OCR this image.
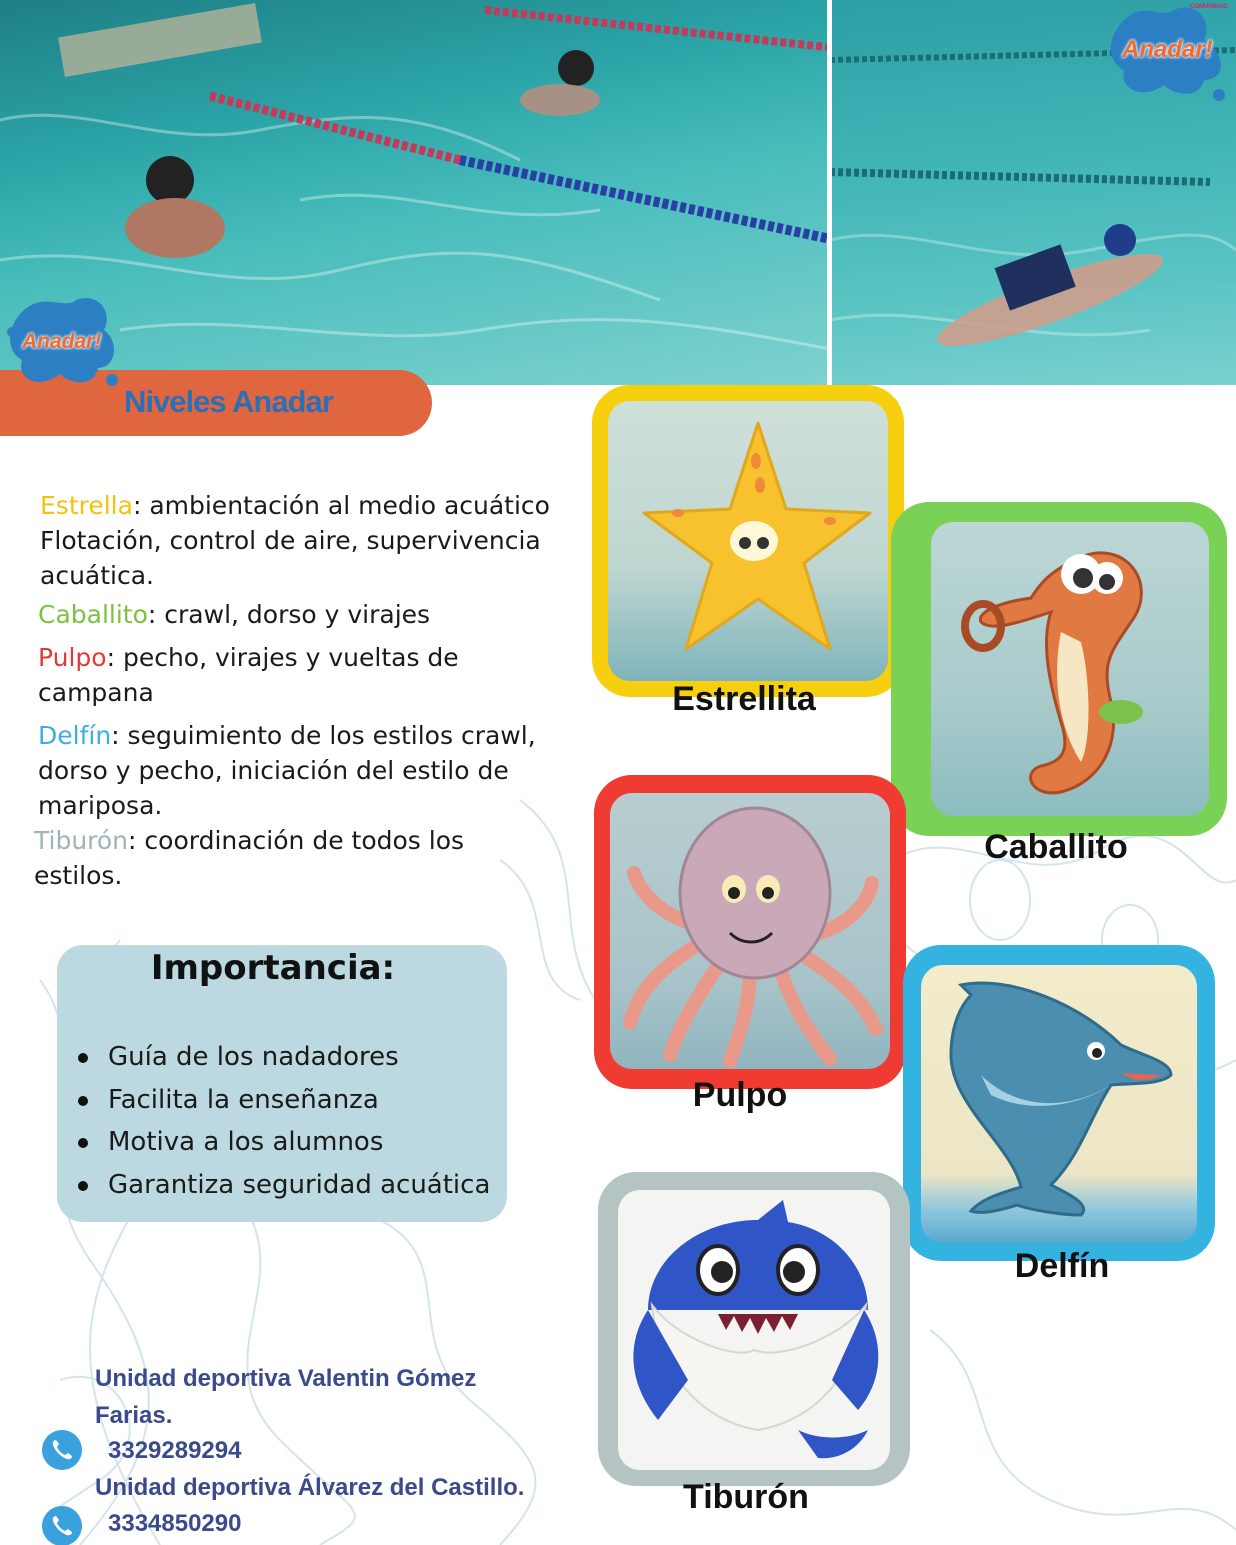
Anadar!
COMUNIDAD
Anadar!
Niveles Anadar
Estrella: ambientación al medio acuático
Flotación, control de aire, supervivencia
acuática.
Caballito: crawl, dorso y virajes
Pulpo: pecho, virajes y vueltas de
campana
Delfín: seguimiento de los estilos crawl,
dorso y pecho, iniciación del estilo de
mariposa.
Tiburón: coordinación de todos los
estilos.
Importancia:
Guía de los nadadores
Facilita la enseñanza
Motiva a los alumnos
Garantiza seguridad acuática
Estrellita
Caballito
Pulpo
Delfín
Tiburón
Unidad deportiva Valentin Gómez
Farias.
3329289294
Unidad deportiva Álvarez del Castillo.
3334850290
